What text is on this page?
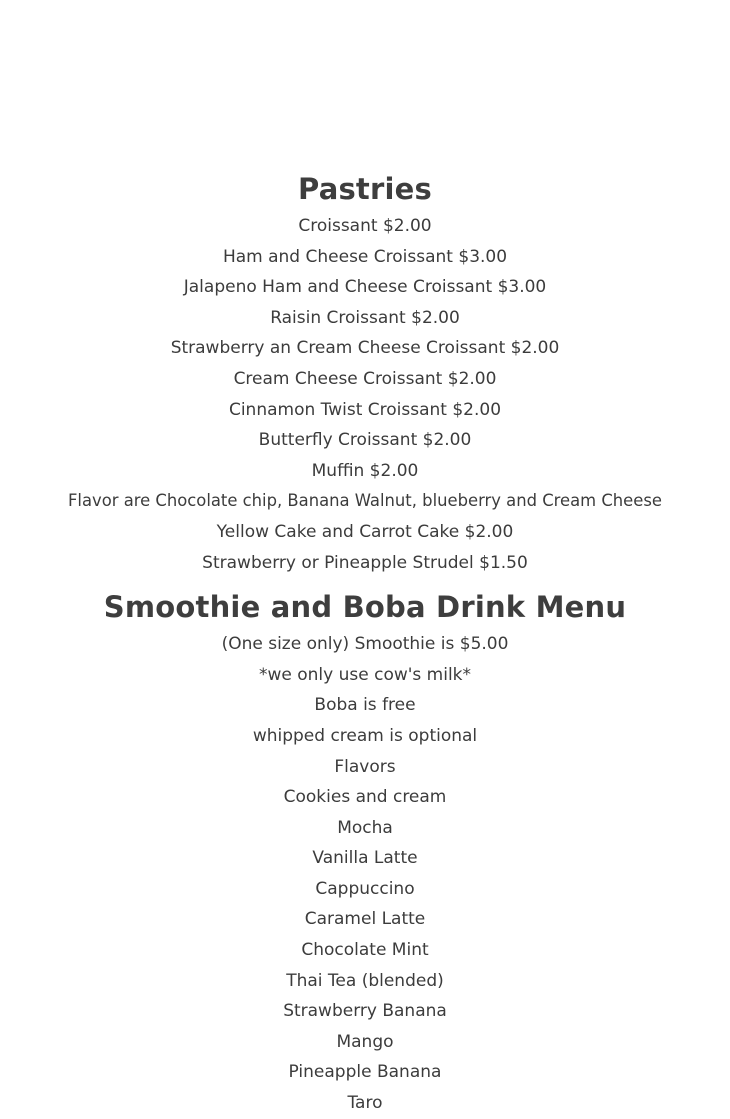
Pastries
Croissant $2.00
Ham and Cheese Croissant $3.00
Jalapeno Ham and Cheese Croissant $3.00
Raisin Croissant $2.00
Strawberry an Cream Cheese Croissant $2.00
Cream Cheese Croissant $2.00
Cinnamon Twist Croissant $2.00
Butterfly Croissant $2.00
Muffin $2.00
Flavor are Chocolate chip, Banana Walnut, blueberry and Cream Cheese
Yellow Cake and Carrot Cake $2.00
Strawberry or Pineapple Strudel $1.50
Smoothie and Boba Drink Menu
(One size only) Smoothie is $5.00
*we only use cow's milk*
Boba is free
whipped cream is optional
Flavors
Cookies and cream
Mocha
Vanilla Latte
Cappuccino
Caramel Latte
Chocolate Mint
Thai Tea (blended)
Strawberry Banana
Mango
Pineapple Banana
Taro
